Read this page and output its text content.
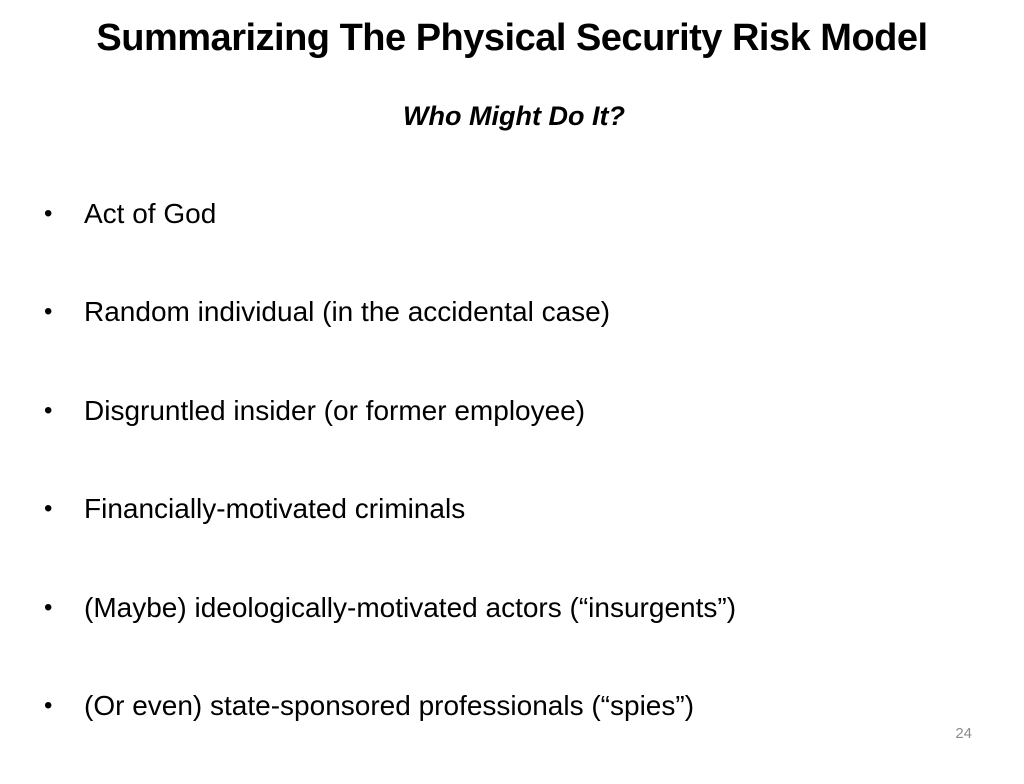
Summarizing The Physical Security Risk Model
Who Might Do It?
•	Act of God
•	Random individual (in the accidental case)
•	Disgruntled insider (or former employee)
•	Financially-motivated criminals
•	(Maybe) ideologically-motivated actors (“insurgents”)
•	(Or even) state-sponsored professionals (“spies”)
24
